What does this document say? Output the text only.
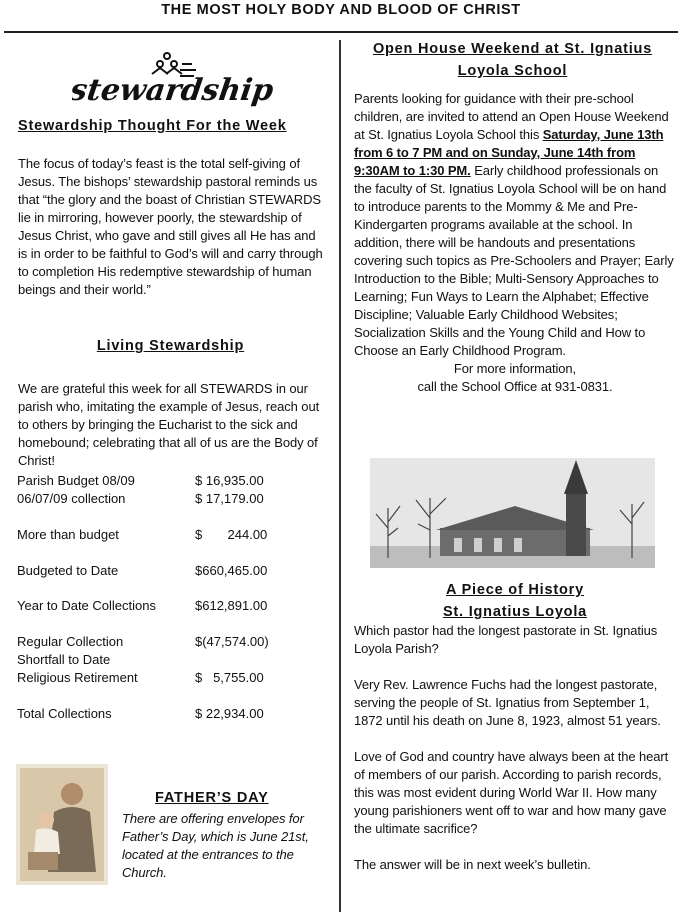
THE MOST HOLY BODY AND BLOOD OF CHRIST
stewardship
Stewardship Thought For the Week
The focus of today’s feast is the total self-giving of Jesus. The bishops’ stewardship pastoral reminds us that “the glory and the boast of Christian STEWARDS lie in mirroring, however poorly, the stewardship of Jesus Christ, who gave and still gives all He has and is in order to be faithful to God’s will and carry through to completion His redemptive stewardship of human beings and their world.”
Living Stewardship
We are grateful this week for all STEWARDS in our parish who, imitating the example of Jesus, reach out to others by bringing the Eucharist to the sick and homebound; celebrating that all of us are the Body of Christ!
Parish Budget 08/09	$ 16,935.00
06/07/09 collection	$ 17,179.00
More than budget	$       244.00
Budgeted to Date	$660,465.00
Year to Date Collections	$612,891.00
Regular Collection	$(47,574.00)
Shortfall to Date
Religious Retirement	$   5,755.00
Total Collections	$ 22,934.00
FATHER’S DAY
There are offering envelopes for Father’s Day, which is June 21st, located at the entrances to the Church.
Open House Weekend at St. Ignatius
Loyola School
Parents looking for guidance with their pre-school children, are invited to attend an Open House Weekend at St. Ignatius Loyola School this Saturday, June 13th from 6 to 7 PM and on Sunday, June 14th from 9:30AM to 1:30 PM. Early childhood professionals on the faculty of St. Ignatius Loyola School will be on hand to introduce parents to the Mommy & Me and Pre-Kindergarten programs available at the school. In addition, there will be handouts and presentations covering such topics as Pre-Schoolers and Prayer; Early Introduction to the Bible; Multi-Sensory Approaches to Learning; Fun Ways to Learn the Alphabet; Effective Discipline; Valuable Early Childhood Websites; Socialization Skills and the Young Child and How to Choose an Early Childhood Program.
For more information,
call the School Office at 931-0831.
A Piece of History
St. Ignatius Loyola
Which pastor had the longest pastorate in St. Ignatius Loyola Parish?
Very Rev. Lawrence Fuchs had the longest pastorate, serving the people of St. Ignatius from September 1, 1872 until his death on June 8, 1923, almost 51 years.
Love of God and country have always been at the heart of members of our parish. According to parish records, this was most evident during World War II. How many young parishioners went off to war and how many gave the ultimate sacrifice?
The answer will be in next week’s bulletin.
